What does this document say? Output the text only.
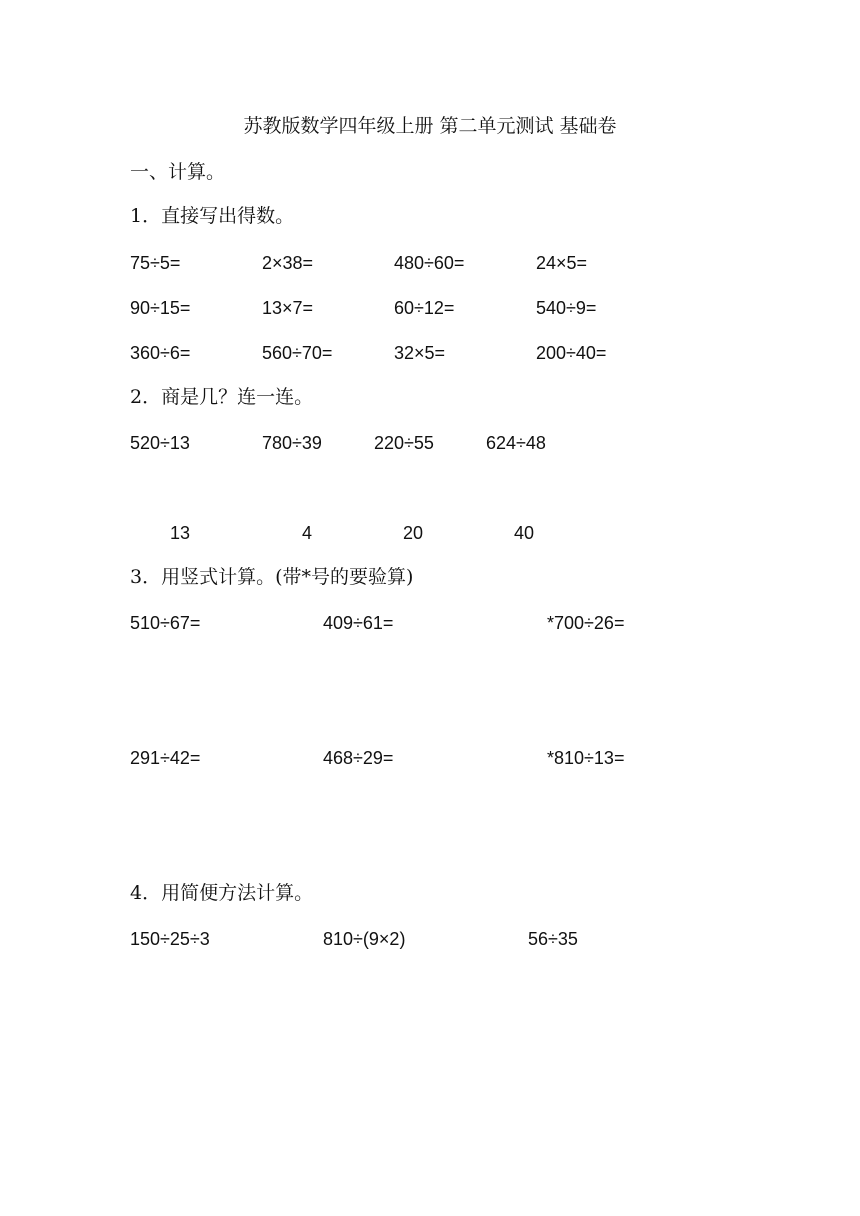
苏教版数学四年级上册 第二单元测试 基础卷
一、计算。
1．直接写出得数。
75÷5=	2×38=	480÷60=	24×5=
90÷15=	13×7=	60÷12=	540÷9=
360÷6=	560÷70=	32×5=	200÷40=
2．商是几？连一连。
520÷13	780÷39	220÷55	624÷48
13	4	20	40
3．用竖式计算。(带*号的要验算)
510÷67=	409÷61=	*700÷26=
291÷42=	468÷29=	*810÷13=
4．用简便方法计算。
150÷25÷3	810÷(9×2)	56÷35
